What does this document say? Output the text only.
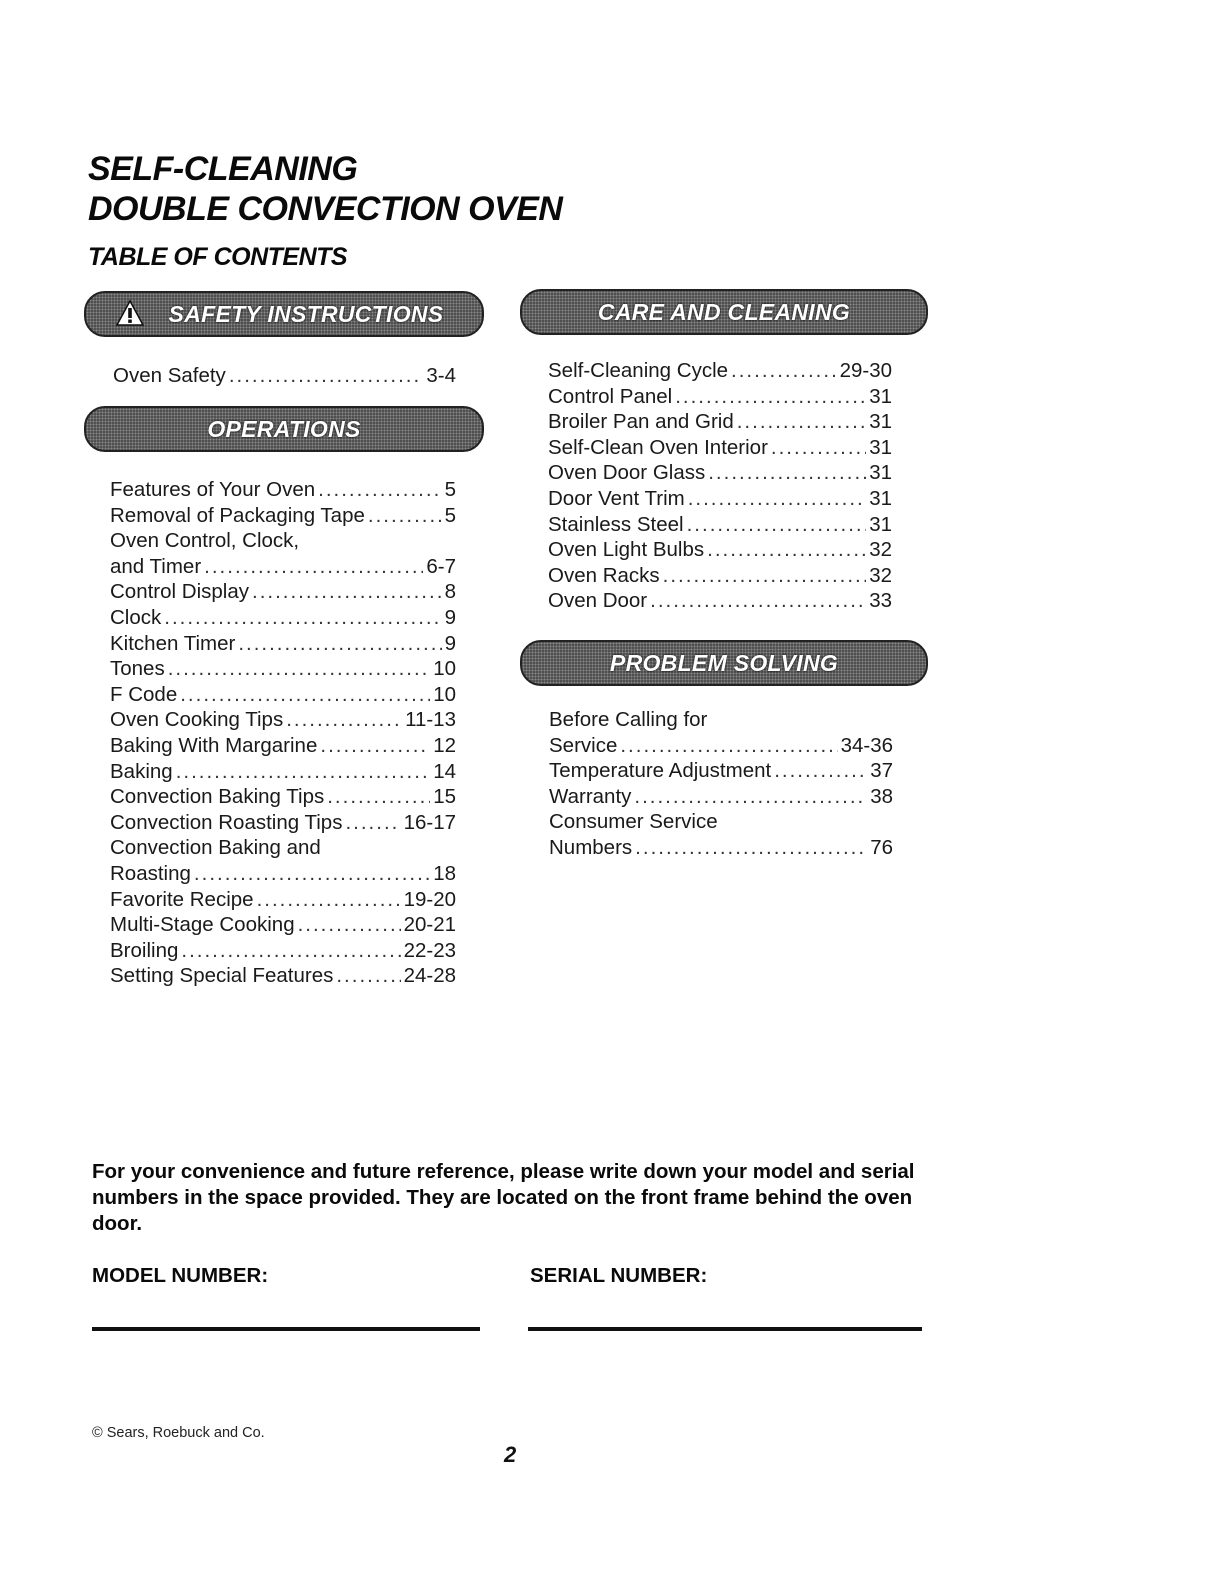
SELF-CLEANING
DOUBLE CONVECTION OVEN
TABLE OF CONTENTS
SAFETY INSTRUCTIONS
Oven Safety .....	3-4
OPERATIONS
Features of Your Oven .....	5
Removal of Packaging Tape .....	5
Oven Control, Clock,
and Timer .....	6-7
Control Display .....	8
Clock .....	9
Kitchen Timer .....	9
Tones .....	10
F Code .....	10
Oven Cooking Tips .....	11-13
Baking With Margarine .....	12
Baking .....	14
Convection Baking Tips .....	15
Convection Roasting Tips .....	16-17
Convection Baking and
Roasting .....	18
Favorite Recipe .....	19-20
Multi-Stage Cooking .....	20-21
Broiling .....	22-23
Setting Special Features .....	24-28
CARE AND CLEANING
Self-Cleaning Cycle .....	29-30
Control Panel .....	31
Broiler Pan and Grid .....	31
Self-Clean Oven Interior .....	31
Oven Door Glass .....	31
Door Vent Trim .....	31
Stainless Steel .....	31
Oven Light Bulbs .....	32
Oven Racks .....	32
Oven Door .....	33
PROBLEM SOLVING
Before Calling for
Service .....	34-36
Temperature Adjustment .....	37
Warranty .....	38
Consumer Service
Numbers .....	76

For your convenience and future reference, please write down your model and serial numbers in the space provided. They are located on the front frame behind the oven door.

MODEL NUMBER:	SERIAL NUMBER:
© Sears, Roebuck and Co.
2
